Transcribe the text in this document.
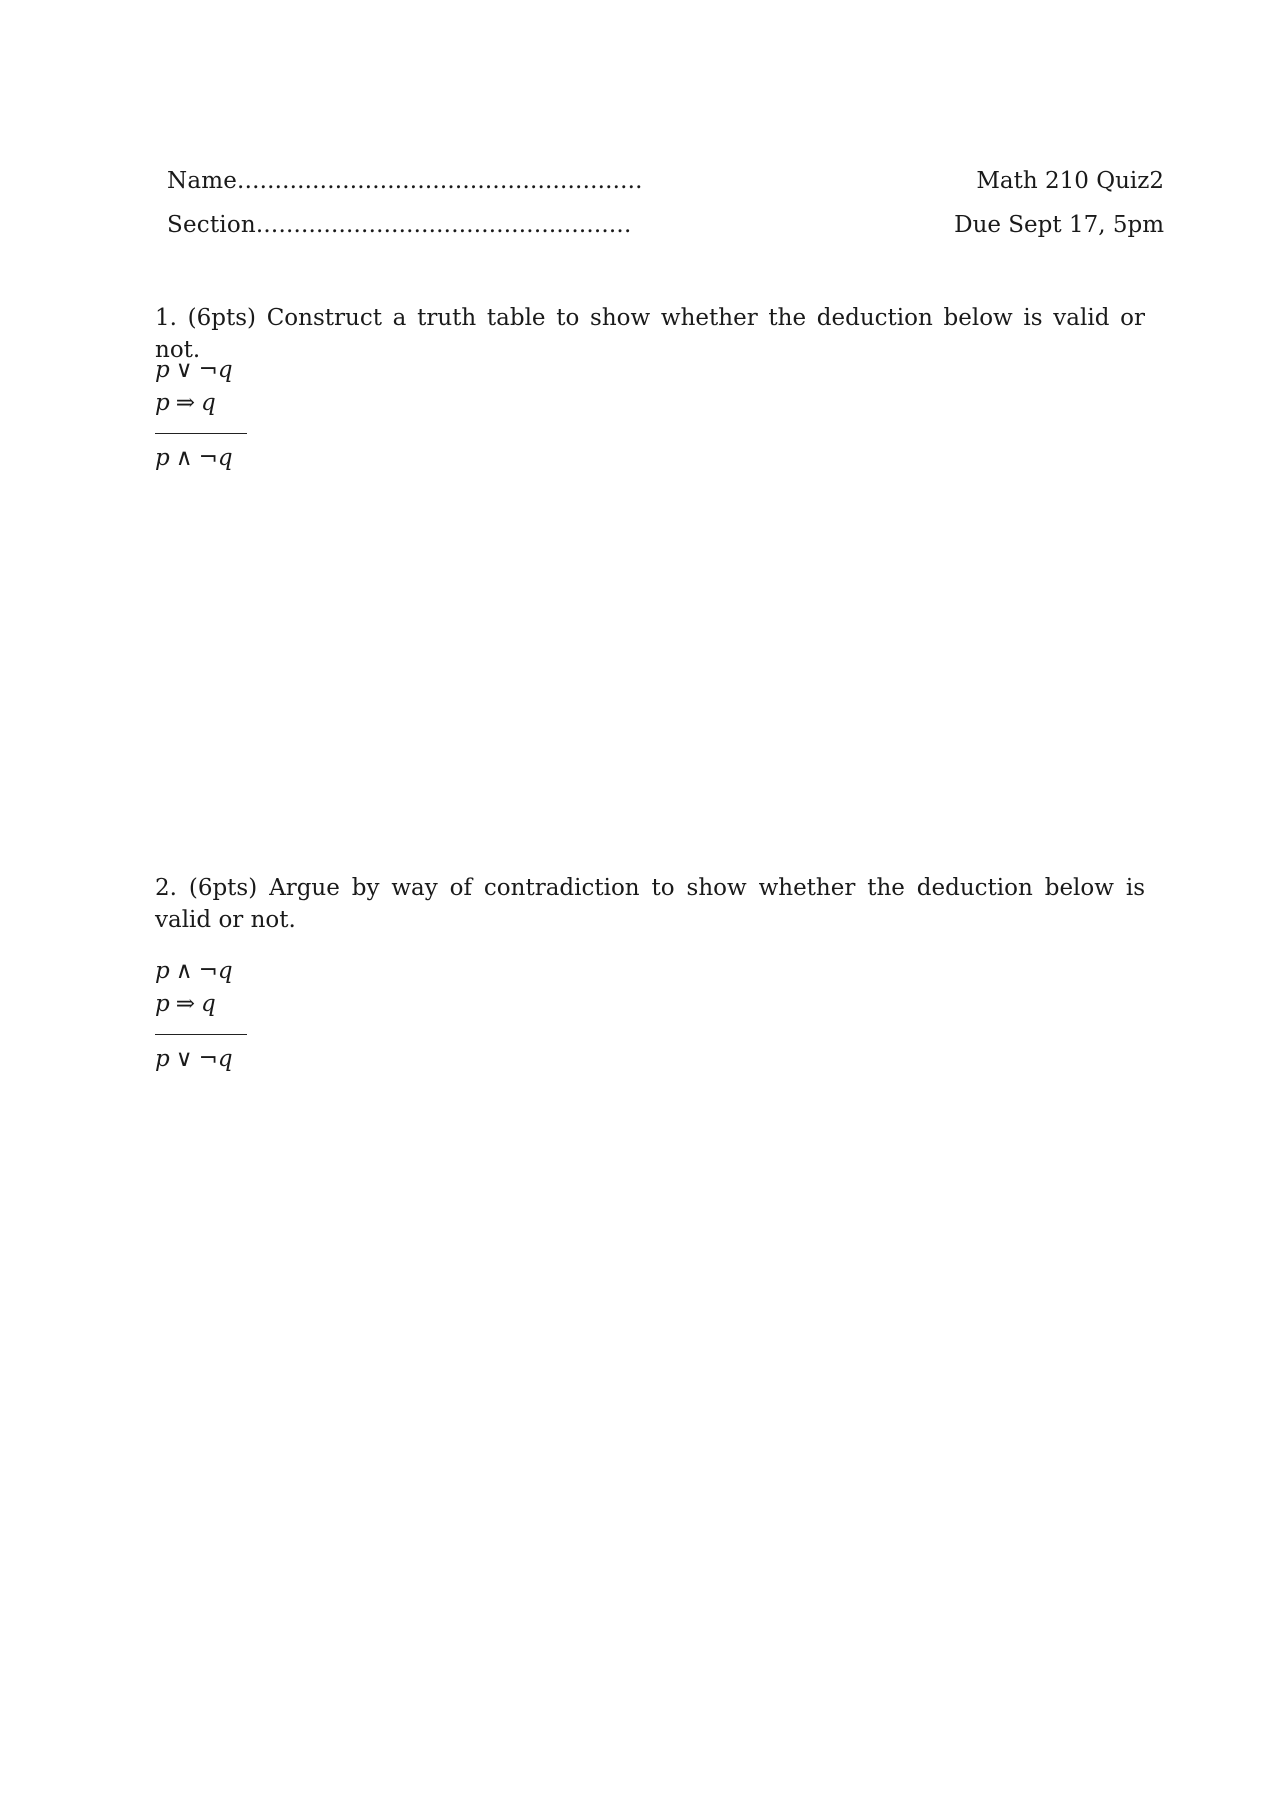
Name......................................................
Section..................................................
Math 210 Quiz2
Due Sept 17, 5pm
1. (6pts) Construct a truth table to show whether the deduction below is valid or not.
p ∨ ¬q
p ⇒ q
p ∧ ¬q
2. (6pts) Argue by way of contradiction to show whether the deduction below is valid or not.
p ∧ ¬q
p ⇒ q
p ∨ ¬q
